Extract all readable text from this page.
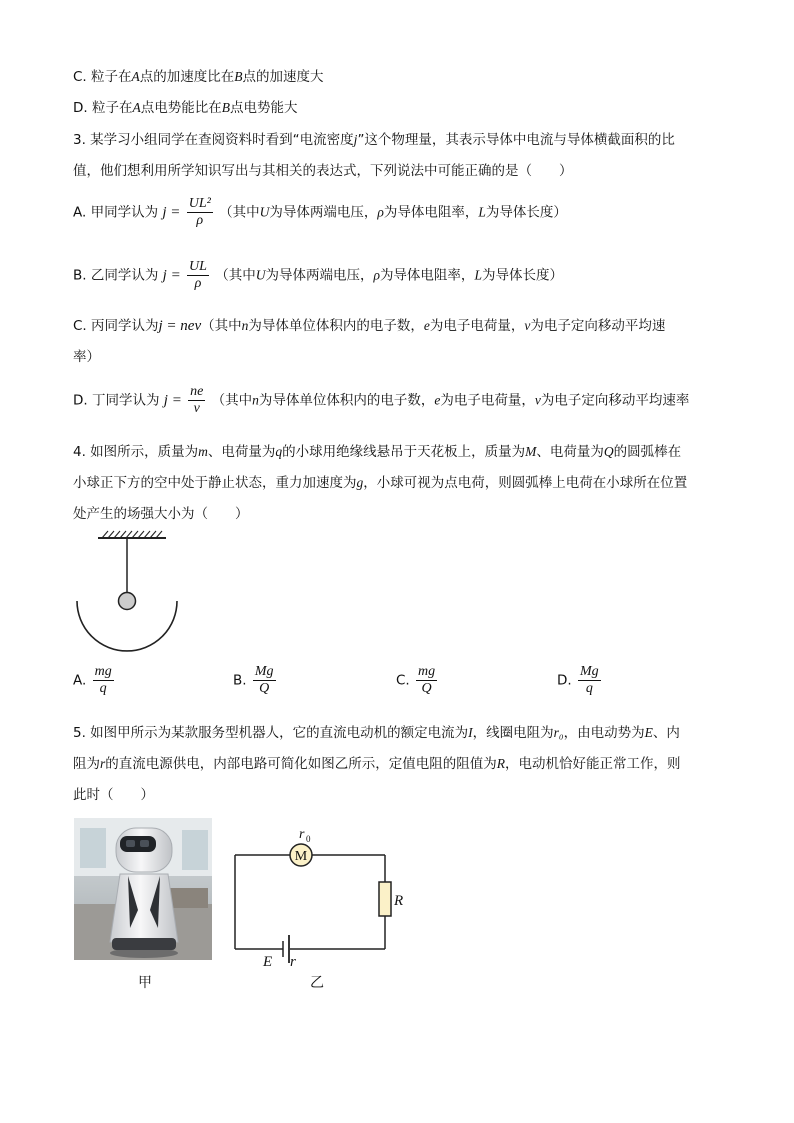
C. 粒子在A点的加速度比在B点的加速度大
D. 粒子在A点电势能比在B点电势能大
3. 某学习小组同学在查阅资料时看到“电流密度j”这个物理量，其表示导体中电流与导体横截面积的比
值，他们想利用所学知识写出与其相关的表达式，下列说法中可能正确的是（　　）
A. 甲同学认为 $j = \frac{\text{UL²}}{\rho}$ （其中U为导体两端电压，ρ为导体电阻率，L为导体长度）
B. 乙同学认为 $j = \frac{UL}{\rho}$ （其中U为导体两端电压，ρ为导体电阻率，L为导体长度）
C. 丙同学认为j = nev（其中n为导体单位体积内的电子数，e为电子电荷量，v为电子定向移动平均速
率）
D. 丁同学认为 $j = \frac{ne}{v}$ （其中n为导体单位体积内的电子数，e为电子电荷量，v为电子定向移动平均速率
4. 如图所示，质量为m、电荷量为q的小球用绝缘线悬吊于天花板上，质量为M、电荷量为Q的圆弧棒在
小球正下方的空中处于静止状态，重力加速度为g，小球可视为点电荷，则圆弧棒上电荷在小球所在位置
处产生的场强大小为（　　）
A. $\frac{mg}{q}$	B. $\frac{Mg}{Q}$	C. $\frac{mg}{Q}$	D. $\frac{Mg}{q}$
5. 如图甲所示为某款服务型机器人，它的直流电动机的额定电流为I，线圈电阻为r₀，由电动势为E、内
阻为r的直流电源供电，内部电路可简化如图乙所示，定值电阻的阻值为R，电动机恰好能正常工作，则
此时（　　）
甲
M
r 0
R
E r
乙
